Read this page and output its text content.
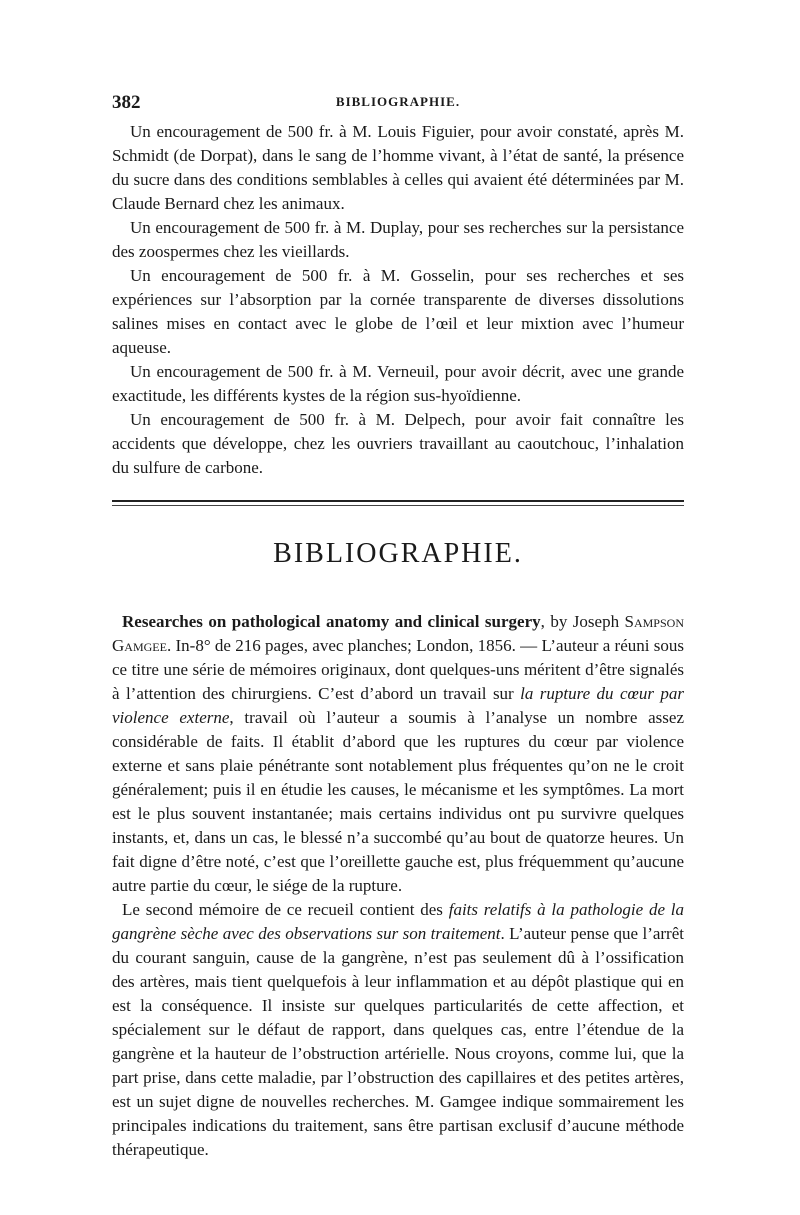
382	BIBLIOGRAPHIE.

Un encouragement de 500 fr. à M. Louis Figuier, pour avoir constaté, après M. Schmidt (de Dorpat), dans le sang de l’homme vivant, à l’état de santé, la présence du sucre dans des conditions semblables à celles qui avaient été déterminées par M. Claude Bernard chez les animaux.

Un encouragement de 500 fr. à M. Duplay, pour ses recherches sur la persistance des zoospermes chez les vieillards.

Un encouragement de 500 fr. à M. Gosselin, pour ses recherches et ses expériences sur l’absorption par la cornée transparente de diverses dissolutions salines mises en contact avec le globe de l’œil et leur mixtion avec l’humeur aqueuse.

Un encouragement de 500 fr. à M. Verneuil, pour avoir décrit, avec une grande exactitude, les différents kystes de la région sus-hyoïdienne.

Un encouragement de 500 fr. à M. Delpech, pour avoir fait connaître les accidents que développe, chez les ouvriers travaillant au caoutchouc, l’inhalation du sulfure de carbone.

BIBLIOGRAPHIE.

Researches on pathological anatomy and clinical surgery, by Joseph Sampson Gamgee. In-8° de 216 pages, avec planches; London, 1856. — L’auteur a réuni sous ce titre une série de mémoires originaux, dont quelques-uns méritent d’être signalés à l’attention des chirurgiens. C’est d’abord un travail sur la rupture du cœur par violence externe, travail où l’auteur a soumis à l’analyse un nombre assez considérable de faits. Il établit d’abord que les ruptures du cœur par violence externe et sans plaie pénétrante sont notablement plus fréquentes qu’on ne le croit généralement; puis il en étudie les causes, le mécanisme et les symptômes. La mort est le plus souvent instantanée; mais certains individus ont pu survivre quelques instants, et, dans un cas, le blessé n’a succombé qu’au bout de quatorze heures. Un fait digne d’être noté, c’est que l’oreillette gauche est, plus fréquemment qu’aucune autre partie du cœur, le siége de la rupture.

Le second mémoire de ce recueil contient des faits relatifs à la pathologie de la gangrène sèche avec des observations sur son traitement. L’auteur pense que l’arrêt du courant sanguin, cause de la gangrène, n’est pas seulement dû à l’ossification des artères, mais tient quelquefois à leur inflammation et au dépôt plastique qui en est la conséquence. Il insiste sur quelques particularités de cette affection, et spécialement sur le défaut de rapport, dans quelques cas, entre l’étendue de la gangrène et la hauteur de l’obstruction artérielle. Nous croyons, comme lui, que la part prise, dans cette maladie, par l’obstruction des capillaires et des petites artères, est un sujet digne de nouvelles recherches. M. Gamgee indique sommairement les principales indications du traitement, sans être partisan exclusif d’aucune méthode thérapeutique.
